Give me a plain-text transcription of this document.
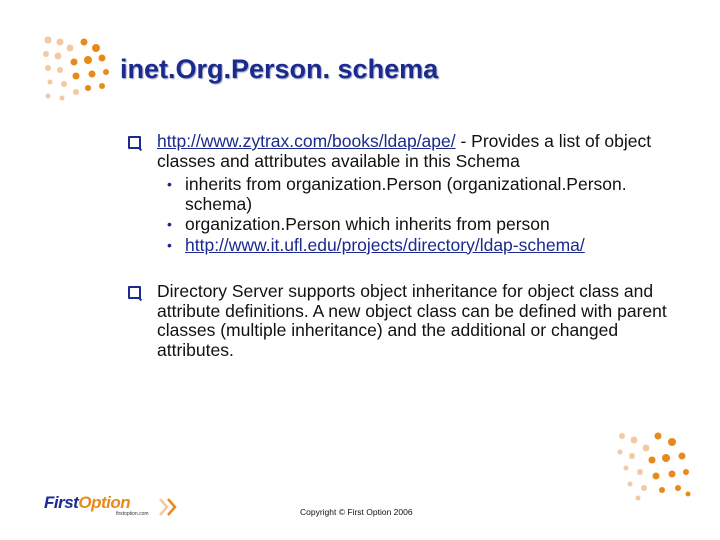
inet.Org.Person. schema
http://www.zytrax.com/books/ldap/ape/ - Provides a list of object classes and attributes available in this Schema
• inherits from organization.Person (organizational.Person. schema)
• organization.Person which inherits from person
• http://www.it.ufl.edu/projects/directory/ldap-schema/
Directory Server supports object inheritance for object class and attribute definitions. A new object class can be defined with parent classes (multiple inheritance) and the additional or changed attributes.
FirstOption
firstoption.com	Copyright © First Option 2006
